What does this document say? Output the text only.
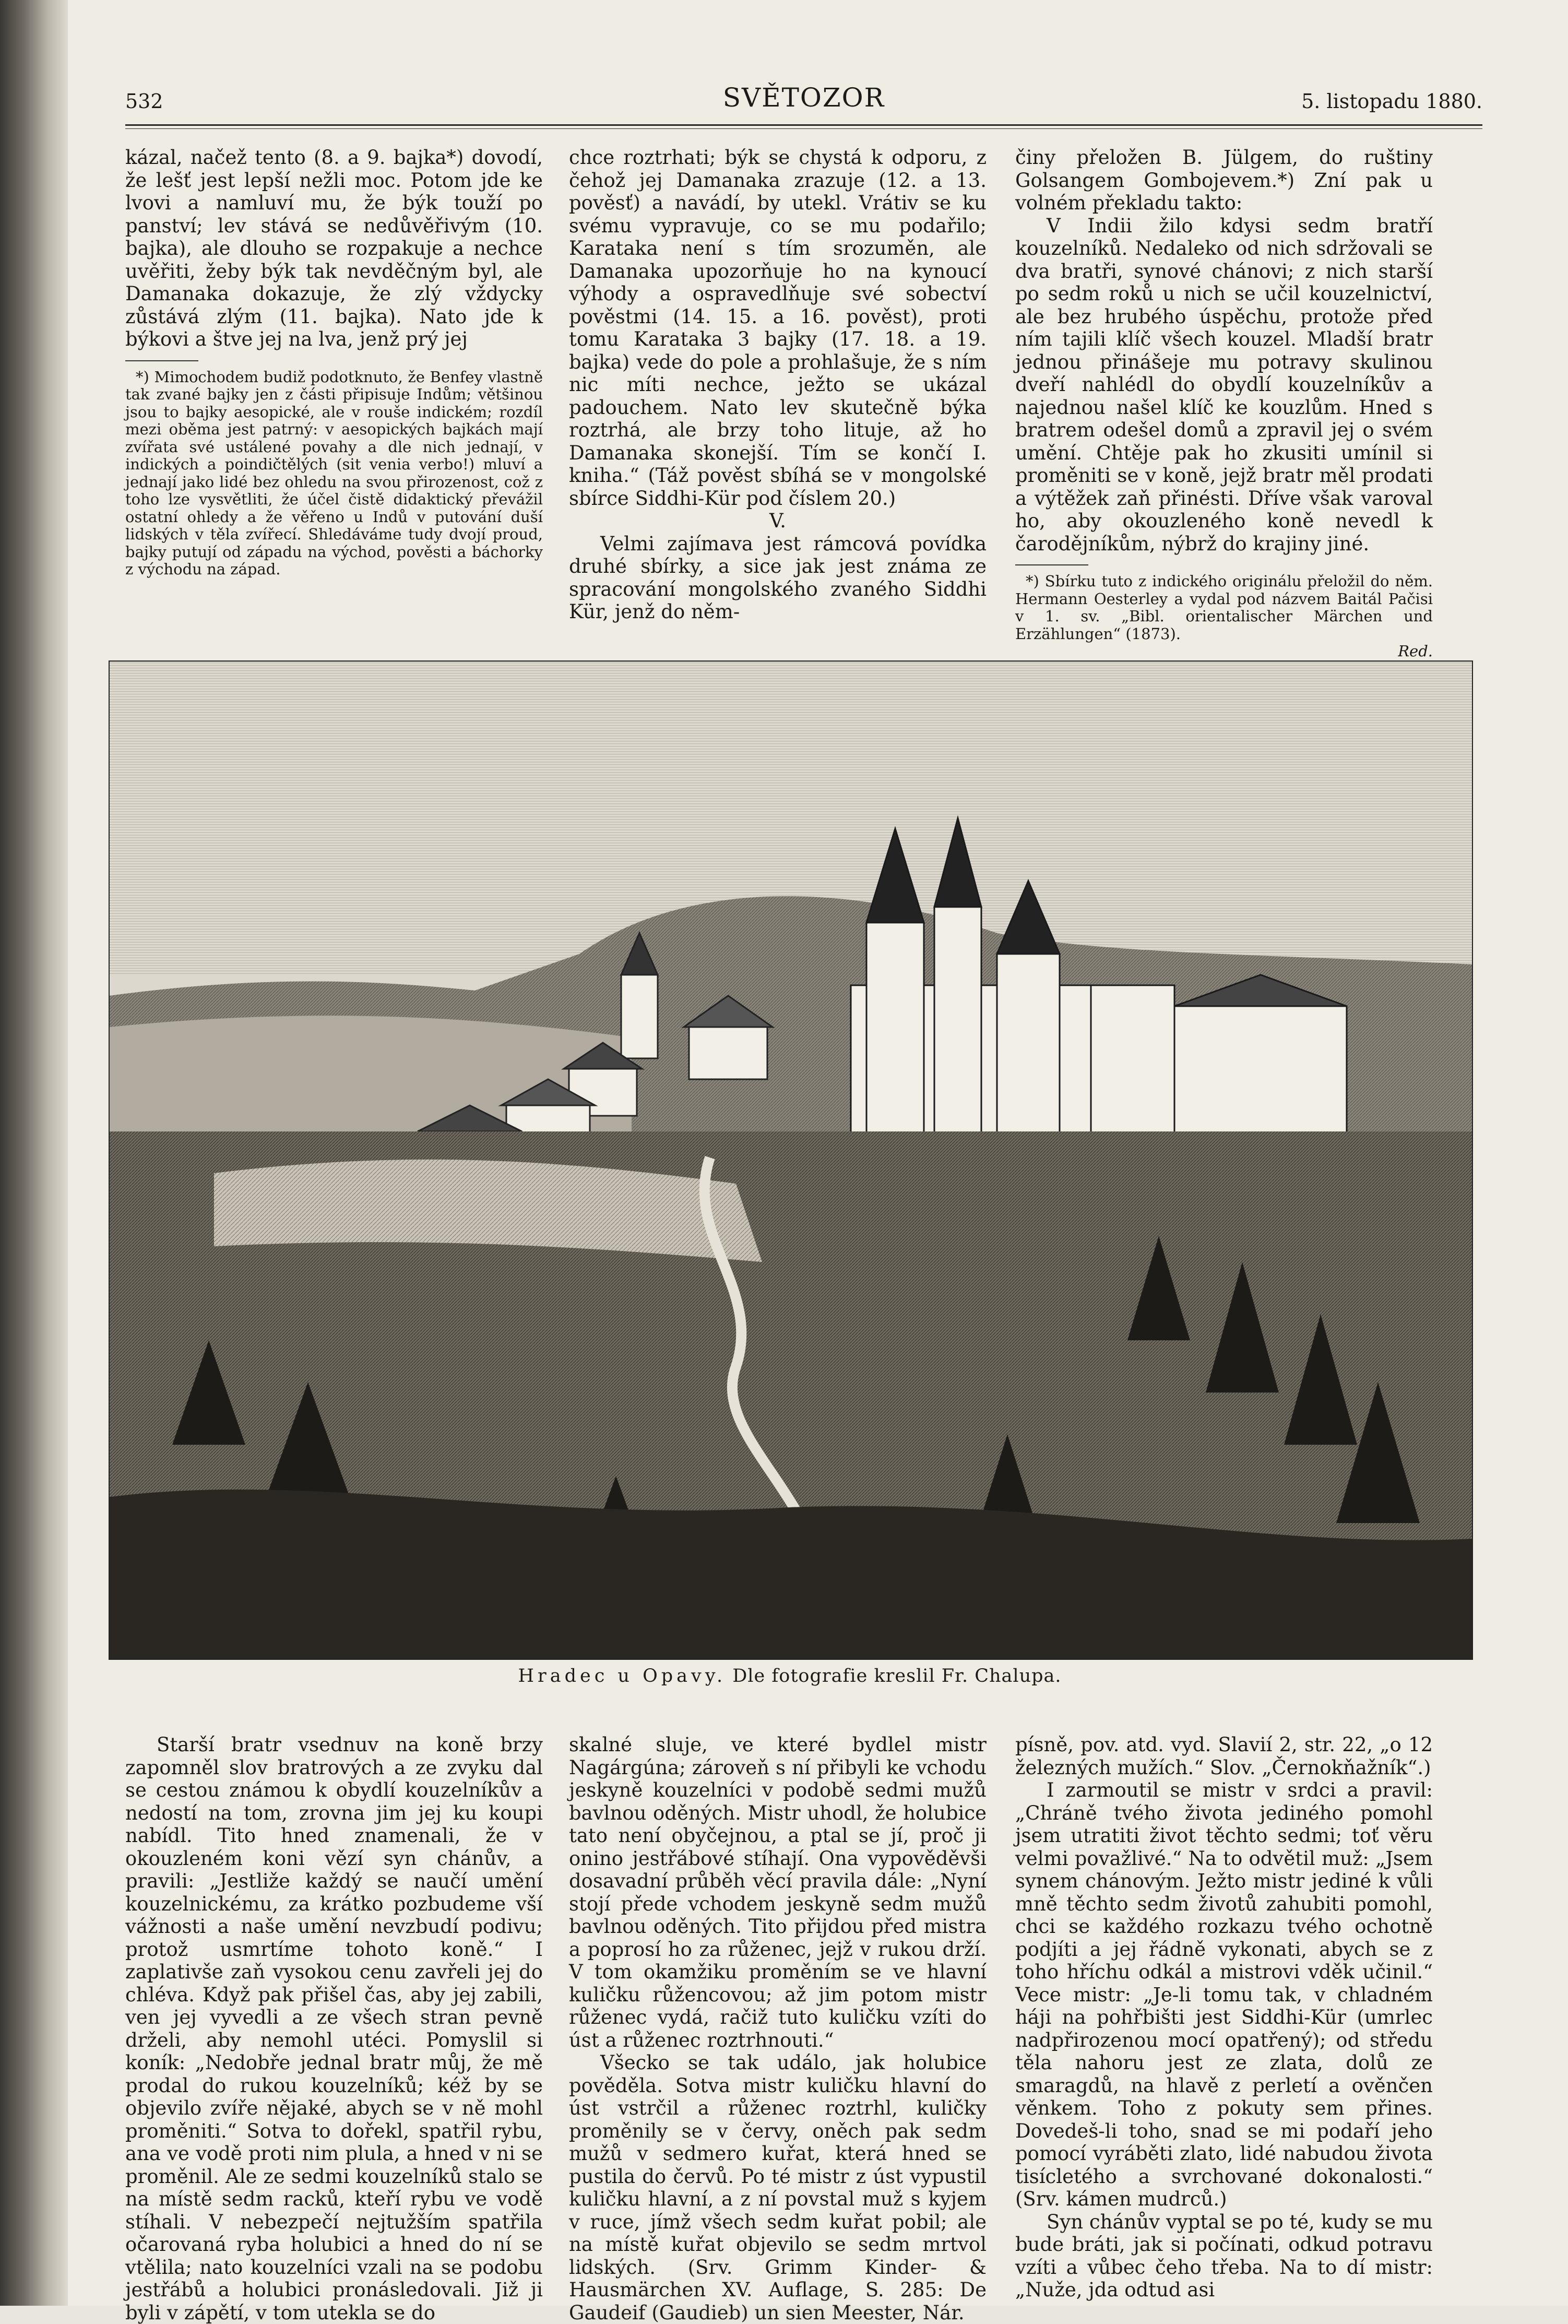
532	SVĚTOZOR	5. listopadu 1880.

kázal, načež tento (8. a 9. bajka*) dovodí, že lešť jest lepší nežli moc. Potom jde ke lvovi a namluví mu, že býk touží po panství; lev stává se nedůvěřivým (10. bajka), ale dlouho se rozpakuje a nechce uvěřiti, žeby býk tak nevděčným byl, ale Damanaka dokazuje, že zlý vždycky zůstává zlým (11. bajka). Nato jde k býkovi a štve jej na lva, jenž prý jej

*) Mimochodem budiž podotknuto, že Benfey vlastně tak zvané bajky jen z části připisuje Indům; většinou jsou to bajky aesopické, ale v rouše indickém; rozdíl mezi oběma jest patrný: v aesopických bajkách mají zvířata své ustálené povahy a dle nich jednají, v indických a poindičtělých (sit venia verbo!) mluví a jednají jako lidé bez ohledu na svou přirozenost, což z toho lze vysvětliti, že účel čistě didaktický převážil ostatní ohledy a že věřeno u Indů v putování duší lidských v těla zvířecí. Shledáváme tudy dvojí proud, bajky putují od západu na východ, pověsti a báchorky z východu na západ.

chce roztrhati; býk se chystá k odporu, z čehož jej Damanaka zrazuje (12. a 13. pověsť) a navádí, by utekl. Vrátiv se ku svému vypravuje, co se mu podařilo; Karataka není s tím srozuměn, ale Damanaka upozorňuje ho na kynoucí výhody a ospravedlňuje své sobectví pověstmi (14. 15. a 16. pověst), proti tomu Karataka 3 bajky (17. 18. a 19. bajka) vede do pole a prohlašuje, že s ním nic míti nechce, ježto se ukázal padouchem. Nato lev skutečně býka roztrhá, ale brzy toho lituje, až ho Damanaka skonejší. Tím se končí I. kniha.“ (Táž pověst sbíhá se v mongolské sbírce Siddhi-Kür pod číslem 20.)

V.

Velmi zajímava jest rámcová povídka druhé sbírky, a sice jak jest známa ze spracování mongolského zvaného Siddhi Kür, jenž do něm-

činy přeložen B. Jülgem, do ruštiny Golsangem Gombojevem.*) Zní pak u volném překladu takto:

V Indii žilo kdysi sedm bratří kouzelníků. Nedaleko od nich sdržovali se dva bratři, synové chánovi; z nich starší po sedm roků u nich se učil kouzelnictví, ale bez hrubého úspěchu, protože před ním tajili klíč všech kouzel. Mladší bratr jednou přinášeje mu potravy skulinou dveří nahlédl do obydlí kouzelníkův a najednou našel klíč ke kouzlům. Hned s bratrem odešel domů a zpravil jej o svém umění. Chtěje pak ho zkusiti umínil si proměniti se v koně, jejž bratr měl prodati a výtěžek zaň přinésti. Dříve však varoval ho, aby okouzleného koně nevedl k čarodějníkům, nýbrž do krajiny jiné.

*) Sbírku tuto z indického originálu přeložil do něm. Hermann Oesterley a vydal pod názvem Baitál Pačisi v 1. sv. „Bibl. orientalischer Märchen und Erzählungen“ (1873).

Red.

Hradec u Opavy. Dle fotografie kreslil Fr. Chalupa.

Starší bratr vsednuv na koně brzy zapomněl slov bratrových a ze zvyku dal se cestou známou k obydlí kouzelníkův a nedostí na tom, zrovna jim jej ku koupi nabídl. Tito hned znamenali, že v okouzleném koni vězí syn chánův, a pravili: „Jestliže každý se naučí umění kouzelnickému, za krátko pozbudeme vší vážnosti a naše umění nevzbudí podivu; protož usmrtíme tohoto koně.“ I zaplativše zaň vysokou cenu zavřeli jej do chléva. Když pak přišel čas, aby jej zabili, ven jej vyvedli a ze všech stran pevně drželi, aby nemohl utéci. Pomyslil si koník: „Nedobře jednal bratr můj, že mě prodal do rukou kouzelníků; kéž by se objevilo zvíře nějaké, abych se v ně mohl proměniti.“ Sotva to dořekl, spatřil rybu, ana ve vodě proti nim plula, a hned v ni se proměnil. Ale ze sedmi kouzelníků stalo se na místě sedm racků, kteří rybu ve vodě stíhali. V nebezpečí nejtužším spatřila očarovaná ryba holubici a hned do ní se vtělila; nato kouzelníci vzali na se podobu jestřábů a holubici pronásledovali. Již ji byli v zápětí, v tom utekla se do

skalné sluje, ve které bydlel mistr Nagárgúna; zároveň s ní přibyli ke vchodu jeskyně kouzelníci v podobě sedmi mužů bavlnou oděných. Mistr uhodl, že holubice tato není obyčejnou, a ptal se jí, proč ji onino jestřábové stíhají. Ona vypověděvši dosavadní průběh věcí pravila dále: „Nyní stojí přede vchodem jeskyně sedm mužů bavlnou oděných. Tito přijdou před mistra a poprosí ho za růženec, jejž v rukou drží. V tom okamžiku proměním se ve hlavní kuličku růžencovou; až jim potom mistr růženec vydá, račiž tuto kuličku vzíti do úst a růženec roztrhnouti.“

Všecko se tak událo, jak holubice pověděla. Sotva mistr kuličku hlavní do úst vstrčil a růženec roztrhl, kuličky proměnily se v červy, oněch pak sedm mužů v sedmero kuřat, která hned se pustila do červů. Po té mistr z úst vypustil kuličku hlavní, a z ní povstal muž s kyjem v ruce, jímž všech sedm kuřat pobil; ale na místě kuřat objevilo se sedm mrtvol lidských. (Srv. Grimm Kinder- & Hausmärchen XV. Auflage, S. 285: De Gaudeif (Gaudieb) un sien Meester, Nár.

písně, pov. atd. vyd. Slavií 2, str. 22, „o 12 železných mužích.“ Slov. „Černokňažník“.)

I zarmoutil se mistr v srdci a pravil: „Chráně tvého života jediného pomohl jsem utratiti život těchto sedmi; toť věru velmi považlivé.“ Na to odvětil muž: „Jsem synem chánovým. Ježto mistr jediné k vůli mně těchto sedm životů zahubiti pomohl, chci se každého rozkazu tvého ochotně podjíti a jej řádně vykonati, abych se z toho hříchu odkál a mistrovi vděk učinil.“ Vece mistr: „Je-li tomu tak, v chladném háji na pohřbišti jest Siddhi-Kür (umrlec nadpřirozenou mocí opatřený); od středu těla nahoru jest ze zlata, dolů ze smaragdů, na hlavě z perletí a ověnčen věnkem. Toho z pokuty sem přines. Dovedeš-li toho, snad se mi podaří jeho pomocí vyráběti zlato, lidé nabudou života tisícletého a svrchované dokonalosti.“ (Srv. kámen mudrců.)

Syn chánův vyptal se po té, kudy se mu bude bráti, jak si počínati, odkud potravu vzíti a vůbec čeho třeba. Na to dí mistr: „Nuže, jda odtud asi
